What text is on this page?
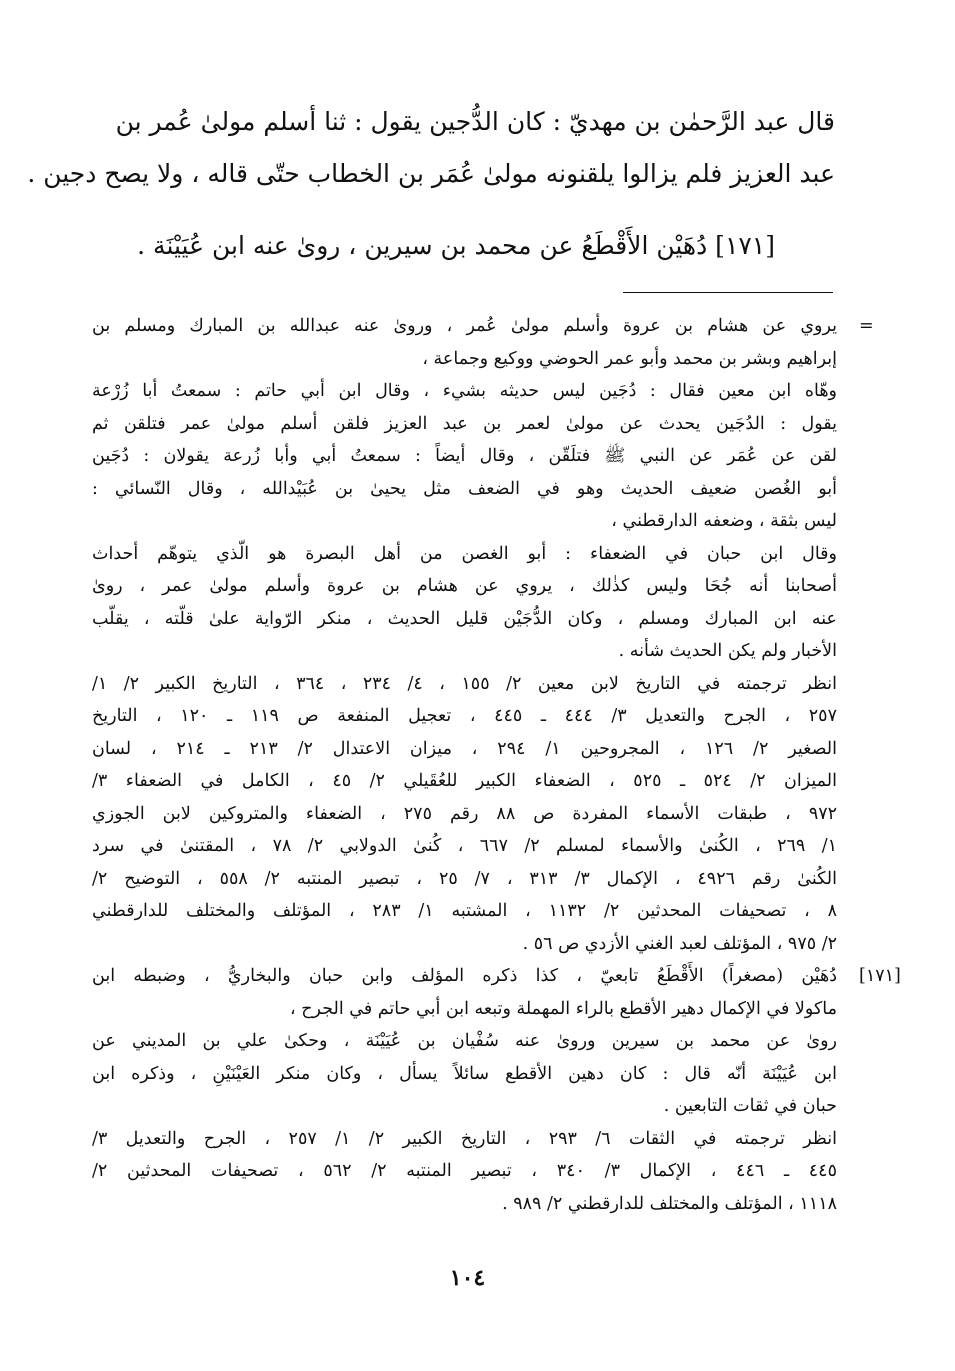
قال عبد الرَّحمٰن بن مهديّ : كان الدُّجين يقول : ثنا أسلم مولىٰ عُمر بن
عبد العزيز فلم يزالوا يلقنونه مولىٰ عُمَر بن الخطاب حتّى قاله ، ولا يصح دجين .
[١٧١] دُهَيْن الأَقْطَعُ عن محمد بن سيرين ، روىٰ عنه ابن عُيَيْنَة .
=
يروي عن هشام بن عروة وأسلم مولىٰ عُمر ، وروىٰ عنه عبدالله بن المبارك ومسلم بن
إبراهيم وبشر بن محمد وأبو عمر الحوضي ووكيع وجماعة ،
وهّاه ابن معين فقال : دُجَين ليس حديثه بشيء ، وقال ابن أبي حاتم : سمعتُ أبا زُرْعة
يقول : الدُجَين يحدث عن مولىٰ لعمر بن عبد العزيز فلقن أسلم مولىٰ عمر فتلقن ثم
لقن عن عُمَر عن النبي ﷺ فتلَقّن ، وقال أيضاً : سمعتُ أبي وأبا زُرعة يقولان : دُجَين
أبو الغُصن ضعيف الحديث وهو في الضعف مثل يحيىٰ بن عُبَيْدالله ، وقال النّسائي :
ليس بثقة ، وضعفه الدارقطني ،
وقال ابن حبان في الضعفاء : أبو الغصن من أهل البصرة هو الّذي يتوهّم أحداث
أصحابنا أنه جُحَا وليس كذٰلك ، يروي عن هشام بن عروة وأسلم مولىٰ عمر ، روىٰ
عنه ابن المبارك ومسلم ، وكان الدُّجَيْن قليل الحديث ، منكر الرّواية علىٰ قلّته ، يقلّب
الأخبار ولم يكن الحديث شأنه .
انظر ترجمته في التاريخ لابن معين ٢/ ١٥٥ ، ٤/ ٢٣٤ ، ٣٦٤ ، التاريخ الكبير ٢/ ١/
٢٥٧ ، الجرح والتعديل ٣/ ٤٤٤ ـ ٤٤٥ ، تعجيل المنفعة ص ١١٩ ـ ١٢٠ ، التاريخ
الصغير ٢/ ١٢٦ ، المجروحين ١/ ٢٩٤ ، ميزان الاعتدال ٢/ ٢١٣ ـ ٢١٤ ، لسان
الميزان ٢/ ٥٢٤ ـ ٥٢٥ ، الضعفاء الكبير للعُقَيلي ٢/ ٤٥ ، الكامل في الضعفاء ٣/
٩٧٢ ، طبقات الأسماء المفردة ص ٨٨ رقم ٢٧٥ ، الضعفاء والمتروكين لابن الجوزي
١/ ٢٦٩ ، الكُنىٰ والأسماء لمسلم ٢/ ٦٦٧ ، كُنىٰ الدولابي ٢/ ٧٨ ، المقتنىٰ في سرد
الكُنىٰ رقم ٤٩٢٦ ، الإكمال ٣/ ٣١٣ ، ٧/ ٢٥ ، تبصير المنتبه ٢/ ٥٥٨ ، التوضيح ٢/
٨ ، تصحيفات المحدثين ٢/ ١١٣٢ ، المشتبه ١/ ٢٨٣ ، المؤتلف والمختلف للدارقطني
٢/ ٩٧٥ ، المؤتلف لعبد الغني الأزدي ص ٥٦ .
[١٧١]
دُهَيْن (مصغراً) الأَقْطَعُ تابعيّ ، كذا ذكره المؤلف وابن حبان والبخاريُّ ، وضبطه ابن
ماكولا في الإكمال دهير الأقطع بالراء المهملة وتبعه ابن أبي حاتم في الجرح ،
روىٰ عن محمد بن سيرين وروىٰ عنه سُفْيان بن عُيَيْنَة ، وحكىٰ علي بن المديني عن
ابن عُيَيْنَة أنّه قال : كان دهين الأقطع سائلاً يسأل ، وكان منكر العَيْنَيْنِ ، وذكره ابن
حبان في ثقات التابعين .
انظر ترجمته في الثقات ٦/ ٢٩٣ ، التاريخ الكبير ٢/ ١/ ٢٥٧ ، الجرح والتعديل ٣/
٤٤٥ ـ ٤٤٦ ، الإكمال ٣/ ٣٤٠ ، تبصير المنتبه ٢/ ٥٦٢ ، تصحيفات المحدثين ٢/
١١١٨ ، المؤتلف والمختلف للدارقطني ٢/ ٩٨٩ .
١٠٤
